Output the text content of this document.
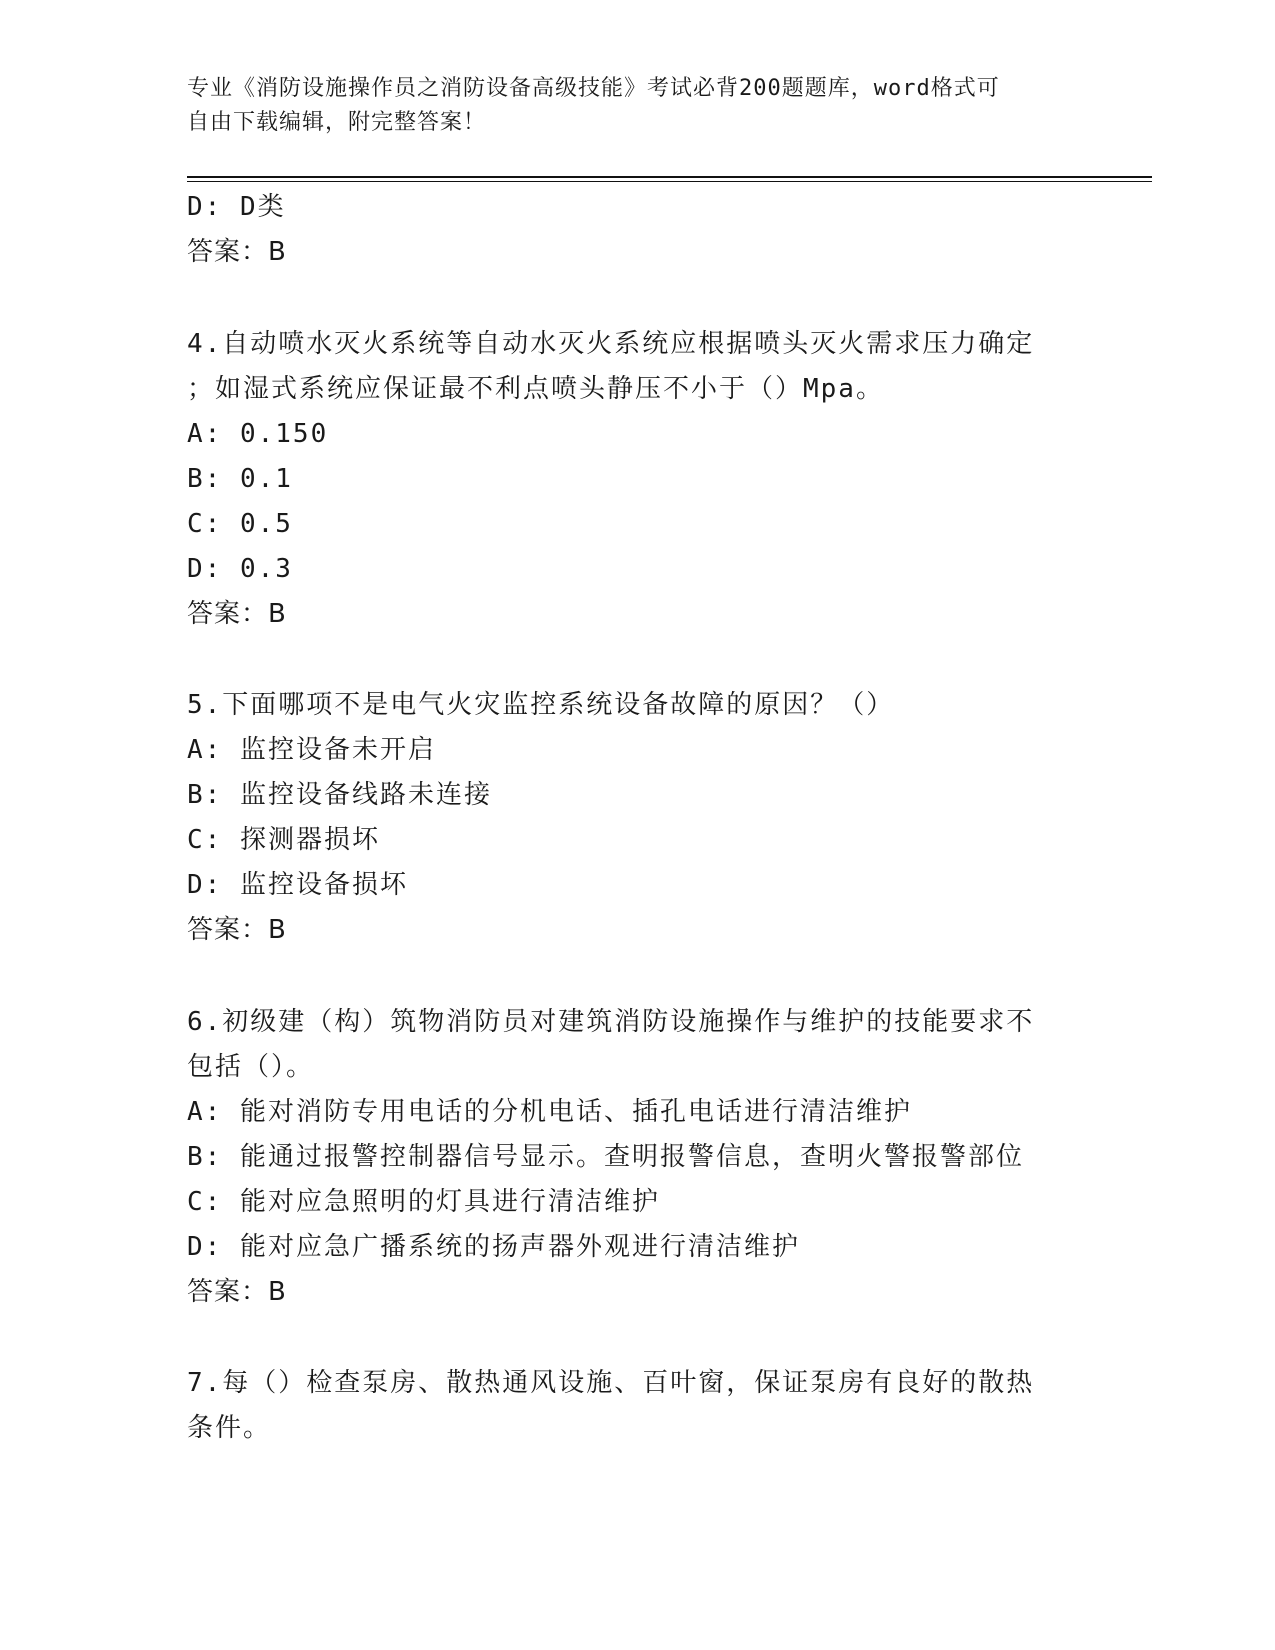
专业《消防设施操作员之消防设备高级技能》考试必背200题题库，word格式可
自由下载编辑，附完整答案！
D: D类
答案：B
4.自动喷水灭火系统等自动水灭火系统应根据喷头灭火需求压力确定
；如湿式系统应保证最不利点喷头静压不小于（）Mpa。
A: 0.150
B: 0.1
C: 0.5
D: 0.3
答案：B
5.下面哪项不是电气火灾监控系统设备故障的原因？（）
A: 监控设备未开启
B: 监控设备线路未连接
C: 探测器损坏
D: 监控设备损坏
答案：B
6.初级建（构）筑物消防员对建筑消防设施操作与维护的技能要求不
包括（）。
A: 能对消防专用电话的分机电话、插孔电话进行清洁维护
B: 能通过报警控制器信号显示。查明报警信息，查明火警报警部位
C: 能对应急照明的灯具进行清洁维护
D: 能对应急广播系统的扬声器外观进行清洁维护
答案：B
7.每（）检查泵房、散热通风设施、百叶窗，保证泵房有良好的散热
条件。
